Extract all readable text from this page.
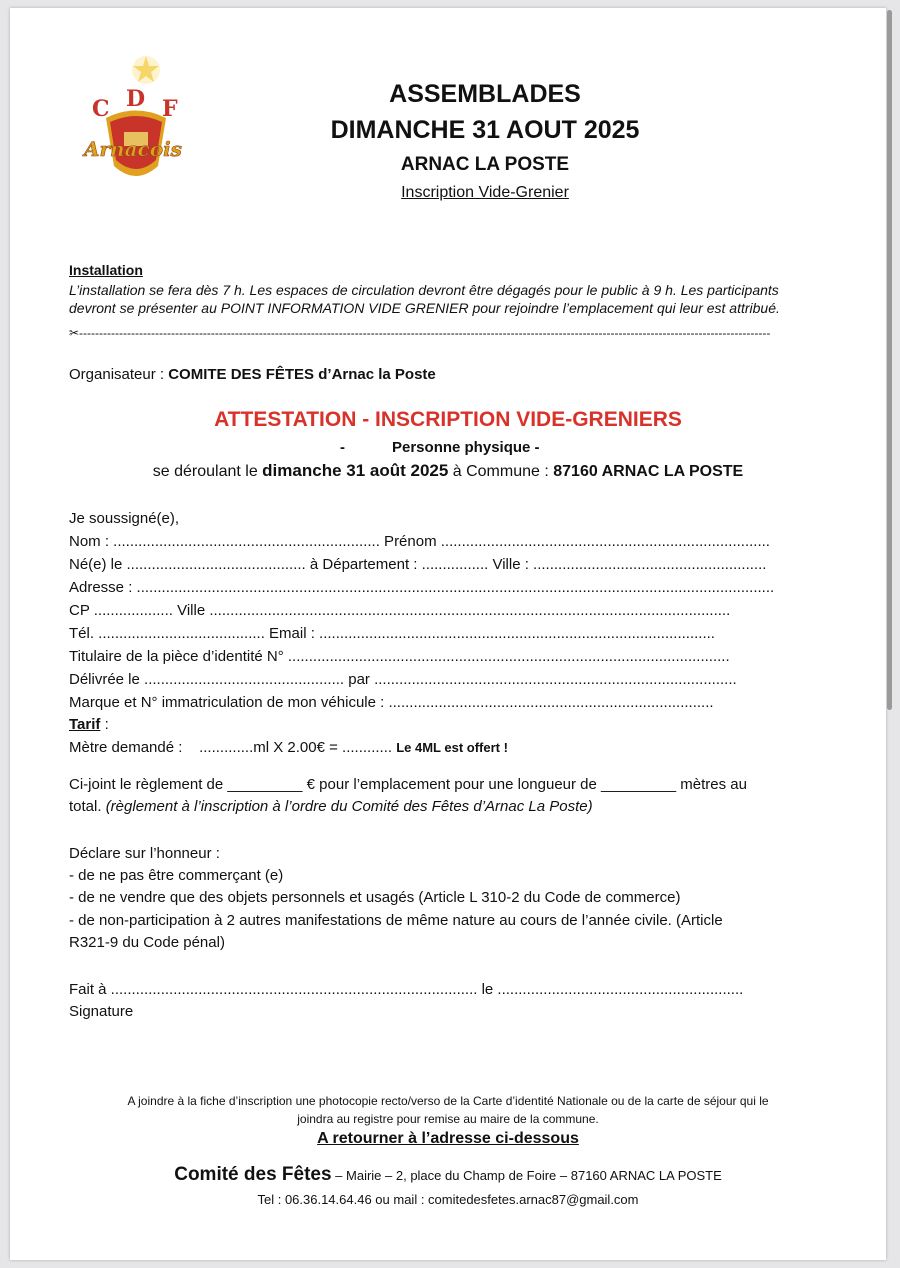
C D F
Arnacois
ASSEMBLADES
DIMANCHE 31 AOUT 2025
ARNAC LA POSTE
Inscription Vide-Grenier
Installation
L’installation se fera dès 7 h. Les espaces de circulation devront être dégagés pour le public à 9 h. Les participants
devront se présenter au POINT INFORMATION VIDE GRENIER pour rejoindre l’emplacement qui leur est attribué.
✂-----------------------------------------------------------------------------------------------------------------------------------------------------------------------------
Organisateur : COMITE DES FÊTES d’Arnac la Poste
ATTESTATION - INSCRIPTION VIDE-GRENIERS
-	Personne physique -
se déroulant le dimanche 31 août 2025 à Commune : 87160 ARNAC LA POSTE
Je soussigné(e),
Nom : ................................................................ Prénom ...............................................................................
Né(e) le ........................................... à Département : ................ Ville : ........................................................
Adresse : .........................................................................................................................................................
CP ................... Ville .............................................................................................................................
Tél. ........................................ Email : ...............................................................................................
Titulaire de la pièce d’identité N° ..........................................................................................................
Délivrée le ................................................ par .......................................................................................
Marque et N° immatriculation de mon véhicule : ..............................................................................
Tarif :
Mètre demandé :    .............ml X 2.00€ = ............ Le 4ML est offert !
Ci-joint le règlement de _________ € pour l’emplacement pour une longueur de _________ mètres au
total. (règlement à l’inscription à l’ordre du Comité des Fêtes d’Arnac La Poste)
Déclare sur l’honneur :
- de ne pas être commerçant (e)
- de ne vendre que des objets personnels et usagés (Article L 310-2 du Code de commerce)
- de non-participation à 2 autres manifestations de même nature au cours de l’année civile. (Article
R321-9 du Code pénal)
Fait à ........................................................................................ le ...........................................................
Signature
A joindre à la fiche d’inscription une photocopie recto/verso de la Carte d’identité Nationale ou de la carte de séjour qui le
joindra au registre pour remise au maire de la commune.
A retourner à l’adresse ci-dessous
Comité des Fêtes – Mairie – 2, place du Champ de Foire – 87160 ARNAC LA POSTE
Tel : 06.36.14.64.46 ou mail : comitedesfetes.arnac87@gmail.com
